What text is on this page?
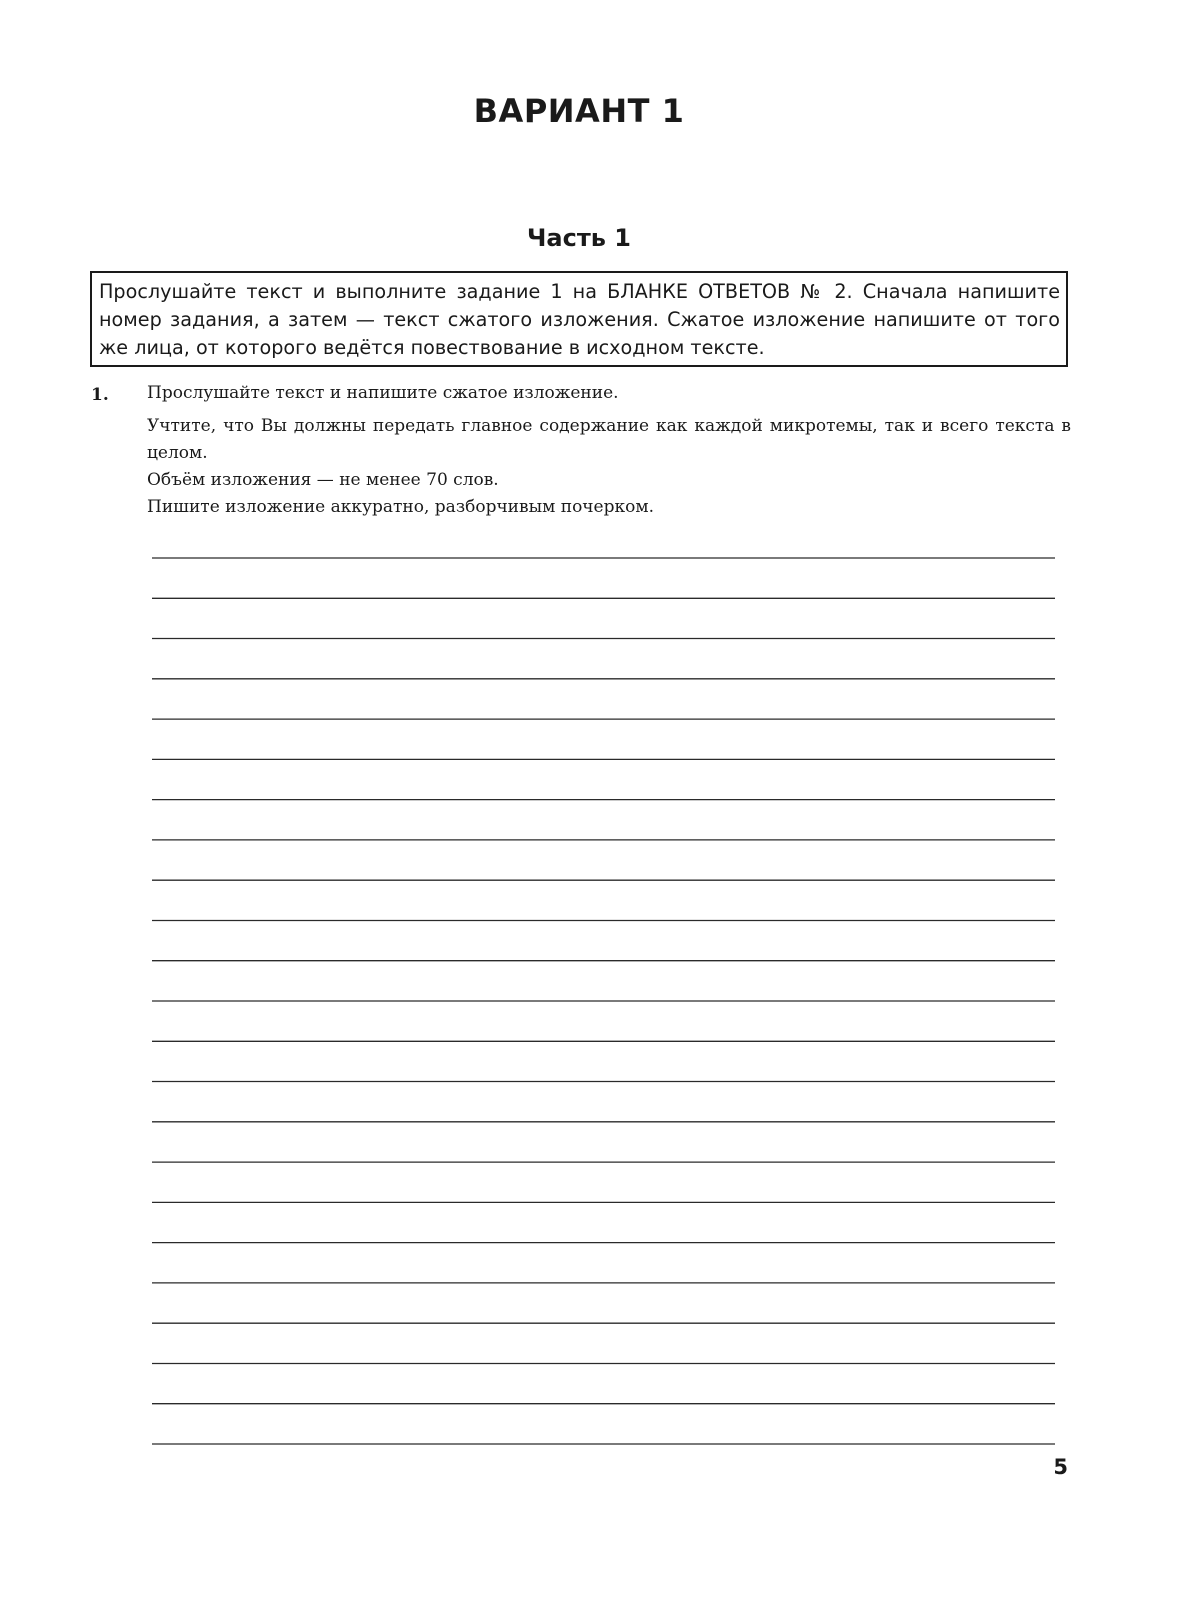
ВАРИАНТ 1
Часть 1
Прослушайте текст и выполните задание 1 на БЛАНКЕ ОТВЕТОВ № 2. Сначала напишите номер задания, а затем — текст сжатого изложения. Сжатое изложение напишите от того же лица, от которого ведётся повествование в исходном тексте.
1. Прослушайте текст и напишите сжатое изложение.

Учтите, что Вы должны передать главное содержание как каждой микротемы, так и всего текста в целом.

Объём изложения — не менее 70 слов.

Пишите изложение аккуратно, разборчивым почерком.

5
